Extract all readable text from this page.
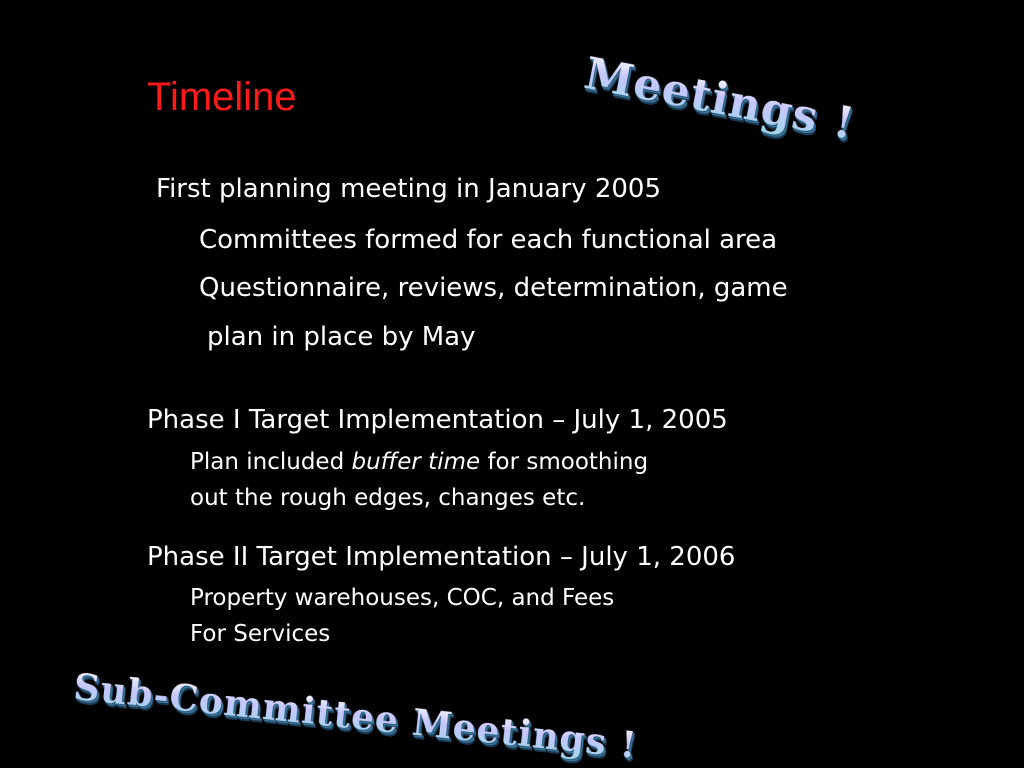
Timeline	Meetings !
First planning meeting in January 2005
Committees formed for each functional area
Questionnaire, reviews, determination, game
plan in place by May
Phase I Target Implementation – July 1, 2005
Plan included buffer time for smoothing
out the rough edges, changes etc.
Phase II Target Implementation – July 1, 2006
Property warehouses, COC, and Fees
For Services
Sub-Committee Meetings !
